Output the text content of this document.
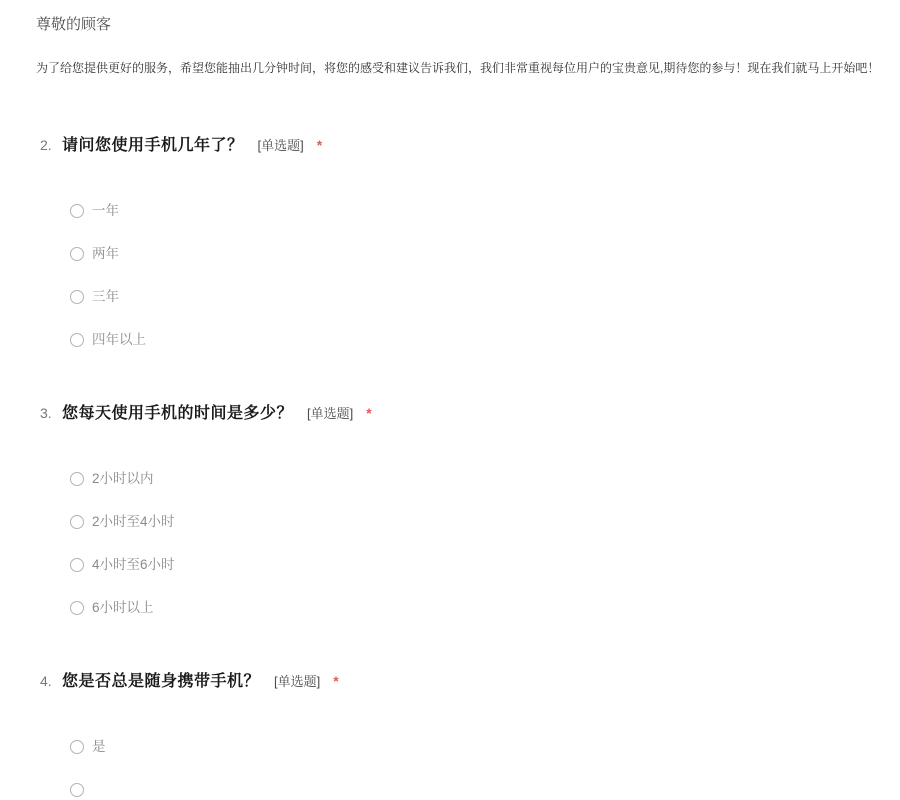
尊敬的顾客
为了给您提供更好的服务，希望您能抽出几分钟时间，将您的感受和建议告诉我们，我们非常重视每位用户的宝贵意见,期待您的参与！现在我们就马上开始吧！
2. 请问您使用手机几年了？ [单选题] *
一年
两年
三年
四年以上
3. 您每天使用手机的时间是多少？ [单选题] *
2小时以内
2小时至4小时
4小时至6小时
6小时以上
4. 您是否总是随身携带手机？ [单选题] *
是
